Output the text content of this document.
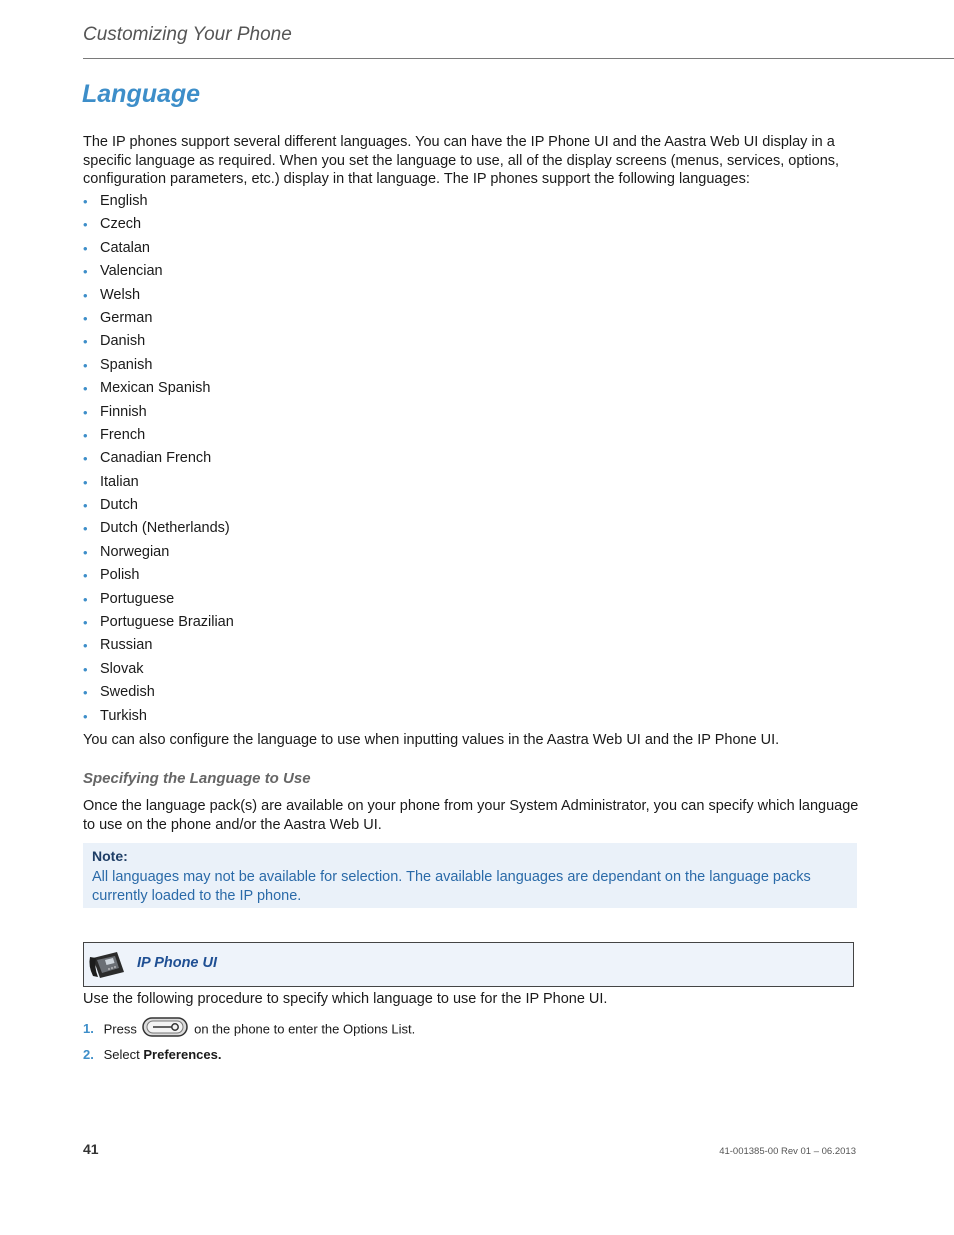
Customizing Your Phone
Language

The IP phones support several different languages. You can have the IP Phone UI and the Aastra Web UI display in a specific language as required. When you set the language to use, all of the display screens (menus, services, options, configuration parameters, etc.) display in that language. The IP phones support the following languages:

• English
• Czech
• Catalan
• Valencian
• Welsh
• German
• Danish
• Spanish
• Mexican Spanish
• Finnish
• French
• Canadian French
• Italian
• Dutch
• Dutch (Netherlands)
• Norwegian
• Polish
• Portuguese
• Portuguese Brazilian
• Russian
• Slovak
• Swedish
• Turkish

You can also configure the language to use when inputting values in the Aastra Web UI and the IP Phone UI.

Specifying the Language to Use

Once the language pack(s) are available on your phone from your System Administrator, you can specify which language to use on the phone and/or the Aastra Web UI.

Note:
All languages may not be available for selection. The available languages are dependant on the language packs currently loaded to the IP phone.
IP Phone UI

Use the following procedure to specify which language to use for the IP Phone UI.

1. Press	on the phone to enter the Options List.
2. Select Preferences.
41	41-001385-00 Rev 01 – 06.2013
